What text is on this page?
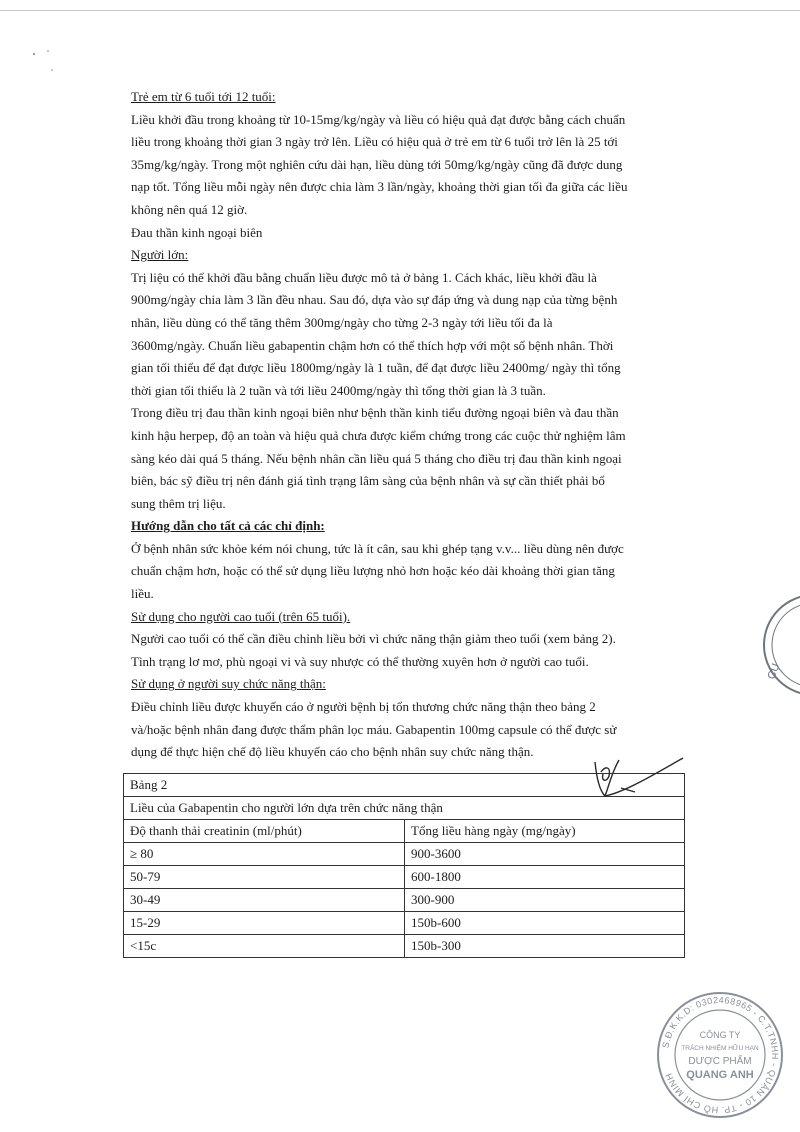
Trẻ em từ 6 tuổi tới 12 tuổi:
Liều khởi đầu trong khoảng từ 10-15mg/kg/ngày và liều có hiệu quả đạt được bằng cách chuẩn
liều trong khoảng thời gian 3 ngày trở lên. Liều có hiệu quả ở trẻ em từ 6 tuổi trở lên là 25 tới
35mg/kg/ngày. Trong một nghiên cứu dài hạn, liều dùng tới 50mg/kg/ngày cũng đã được dung
nạp tốt. Tổng liều mỗi ngày nên được chia làm 3 lần/ngày, khoảng thời gian tối đa giữa các liều
không nên quá 12 giờ.
Đau thần kinh ngoại biên
Người lớn:
Trị liệu có thể khởi đầu bằng chuẩn liều được mô tả ở bảng 1. Cách khác, liều khởi đầu là
900mg/ngày chia làm 3 lần đều nhau. Sau đó, dựa vào sự đáp ứng và dung nạp của từng bệnh
nhân, liều dùng có thể tăng thêm 300mg/ngày cho từng 2-3 ngày tới liều tối đa là
3600mg/ngày. Chuẩn liều gabapentin chậm hơn có thể thích hợp với một số bệnh nhân. Thời
gian tối thiểu để đạt được liều 1800mg/ngày là 1 tuần, để đạt được liều 2400mg/ ngày thì tổng
thời gian tối thiểu là 2 tuần và tới liều 2400mg/ngày thì tổng thời gian là 3 tuần.
Trong điều trị đau thần kinh ngoại biên như bệnh thần kinh tiểu đường ngoại biên và đau thần
kinh hậu herpep, độ an toàn và hiệu quả chưa được kiểm chứng trong các cuộc thử nghiệm lâm
sàng kéo dài quá 5 tháng. Nếu bệnh nhân cần liều quá 5 tháng cho điều trị đau thần kinh ngoại
biên, bác sỹ điều trị nên đánh giá tình trạng lâm sàng của bệnh nhân và sự cần thiết phải bổ
sung thêm trị liệu.
Hướng dẫn cho tất cả các chỉ định:
Ở bệnh nhân sức khỏe kém nói chung, tức là ít cân, sau khi ghép tạng v.v... liều dùng nên được
chuẩn chậm hơn, hoặc có thể sử dụng liều lượng nhỏ hơn hoặc kéo dài khoảng thời gian tăng
liều.
Sử dụng cho người cao tuổi (trên 65 tuổi).
Người cao tuổi có thể cần điều chỉnh liều bởi vì chức năng thận giảm theo tuổi (xem bảng 2).
Tình trạng lơ mơ, phù ngoại vi và suy nhược có thể thường xuyên hơn ở người cao tuổi.
Sử dụng ở người suy chức năng thận:
Điều chỉnh liều được khuyến cáo ở người bệnh bị tổn thương chức năng thận theo bảng 2
và/hoặc bệnh nhân đang được thẩm phân lọc máu. Gabapentin 100mg capsule có thể được sử
dụng để thực hiện chế độ liều khuyến cáo cho bệnh nhân suy chức năng thận.
Bảng 2	
Liều của Gabapentin cho người lớn dựa trên chức năng thận	
Độ thanh thải creatinin (ml/phút)	Tổng liều hàng ngày (mg/ngày)
≥ 80	900-3600
50-79	600-1800
30-49	300-900
15-29	150b-600
<15c	150b-300
CỤ
S.Đ.K.K.D: 0302468965 - C.T.TNHH - QUẬN 10 - TP. HỒ CHÍ MINH
CÔNG TY
TRÁCH NHIỆM HỮU HẠN
DƯỢC PHẨM
QUANG ANH
